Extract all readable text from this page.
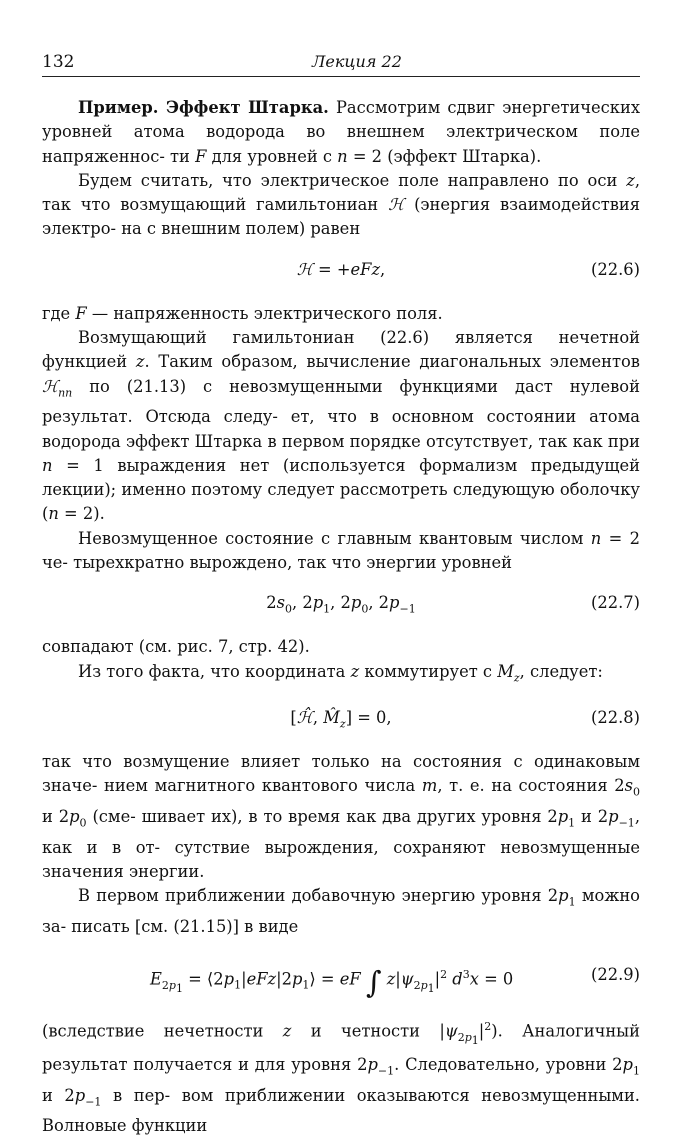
132	Лекция 22

Пример. Эффект Штарка. Рассмотрим сдвиг энергетических уровней атома водорода во внешнем электрическом поле напряженнос- ти F для уровней с n = 2 (эффект Штарка).

Будем считать, что электрическое поле направлено по оси z, так что возмущающий гамильтониан ℋ (энергия взаимодействия электро- на с внешним полем) равен

ℋ = +eFz,	(22.6)

где F — напряженность электрического поля.

Возмущающий гамильтониан (22.6) является нечетной функцией z. Таким образом, вычисление диагональных элементов ℋ$_{nn}$ по (21.13) с невозмущенными функциями даст нулевой результат. Отсюда следу- ет, что в основном состоянии атома водорода эффект Штарка в первом порядке отсутствует, так как при n = 1 выраждения нет (используется формализм предыдущей лекции); именно поэтому следует рассмотреть следующую оболочку (n = 2).

Невозмущенное состояние с главным квантовым числом n = 2 че- тырехкратно вырождено, так что энергии уровней

$2s_0$, $2p_1$, $2p_0$, $2p_{-1}$	(22.7)

совпадают (см. рис. 7, стр. 42).

Из того факта, что координата z коммутирует с $M_z$, следует:

[ℋ̂, $M̂_z] = 0$,	(22.8)

так что возмущение влияет только на состояния с одинаковым значе- нием магнитного квантового числа m, т. е. на состояния $2s_0$ и $2p_0$ (сме- шивает их), в то время как два других уровня $2p_1$ и $2p_{-1}$, как и в от- сутствие вырождения, сохраняют невозмущенные значения энергии.

В первом приближении добавочную энергию уровня $2p_1$ можно за- писать [см. (21.15)] в виде

$E_{2p_1}$ = $⟨2p_1|eFz|2p_1⟩$ = eF ∫ $z|\psi_{2p_1}|^2$ $d^3x = 0$	(22.9)

(вследствие нечетности z и четности $|\psi_{2p_1}|^2$). Аналогичный результат получается и для уровня $2p_{-1}$. Следовательно, уровни $2p_1$ и $2p_{-1}$ в пер- вом приближении оказываются невозмущенными. Волновые функции
